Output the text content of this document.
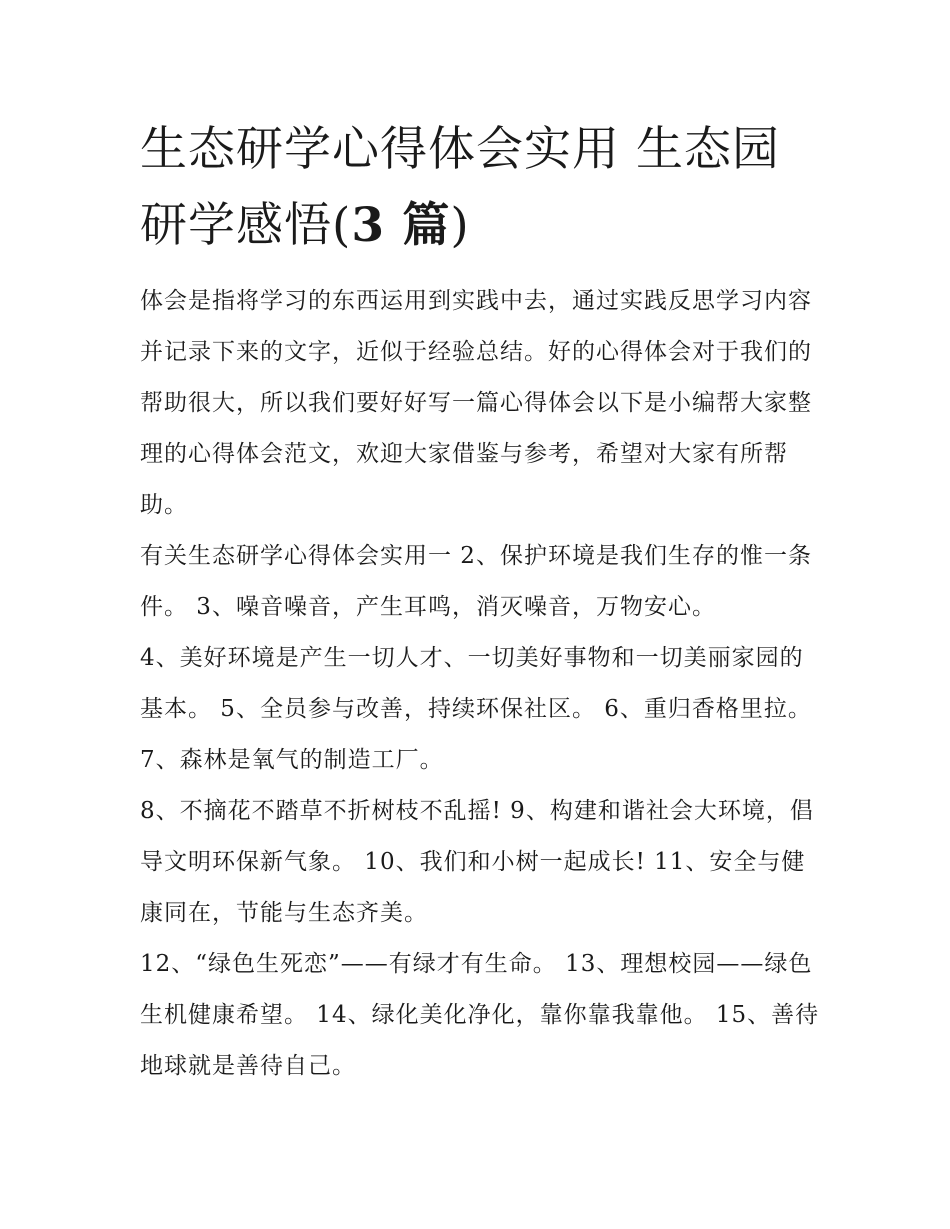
生态研学心得体会实用 生态园
研学感悟(3 篇)

体会是指将学习的东西运用到实践中去，通过实践反思学习内容并记录下来的文字，近似于经验总结。好的心得体会对于我们的帮助很大，所以我们要好好写一篇心得体会以下是小编帮大家整理的心得体会范文，欢迎大家借鉴与参考，希望对大家有所帮助。

有关生态研学心得体会实用一 2、保护环境是我们生存的惟一条件。 3、噪音噪音，产生耳鸣，消灭噪音，万物安心。

4、美好环境是产生一切人才、一切美好事物和一切美丽家园的基本。 5、全员参与改善，持续环保社区。 6、重归香格里拉。 7、森林是氧气的制造工厂。

8、不摘花不踏草不折树枝不乱摇! 9、构建和谐社会大环境，倡导文明环保新气象。 10、我们和小树一起成长! 11、安全与健康同在，节能与生态齐美。

12、“绿色生死恋”——有绿才有生命。 13、理想校园——绿色生机健康希望。 14、绿化美化净化，靠你靠我靠他。 15、善待地球就是善待自己。
